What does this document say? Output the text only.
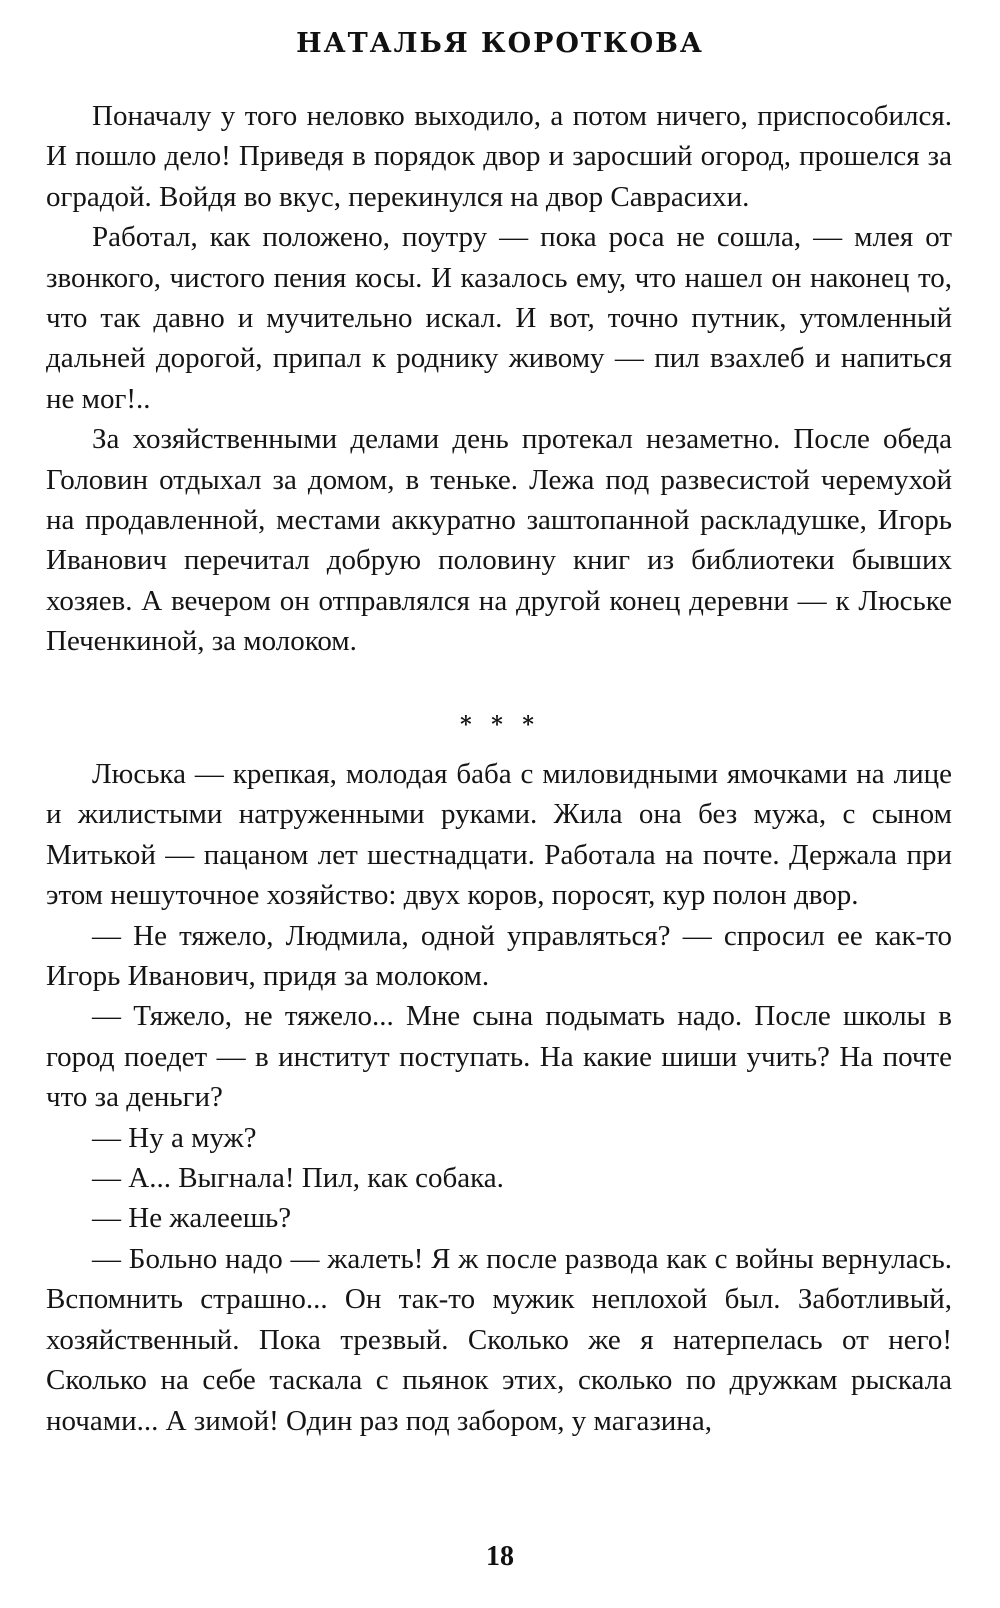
НАТАЛЬЯ КОРОТКОВА

Поначалу у того неловко выходило, а потом ничего, приспособился. И пошло дело! Приведя в порядок двор и заросший огород, прошелся за оградой. Войдя во вкус, перекинулся на двор Саврасихи.

Работал, как положено, поутру — пока роса не сошла, — млея от звонкого, чистого пения косы. И казалось ему, что нашел он наконец то, что так давно и мучительно искал. И вот, точно путник, утомленный дальней дорогой, припал к роднику живому — пил взахлеб и напиться не мог!..

За хозяйственными делами день протекал незаметно. После обеда Головин отдыхал за домом, в теньке. Лежа под развесистой черемухой на продавленной, местами аккуратно заштопанной раскладушке, Игорь Иванович перечитал добрую половину книг из библиотеки бывших хозяев. А вечером он отправлялся на другой конец деревни — к Люське Печенкиной, за молоком.

* * *

Люська — крепкая, молодая баба с миловидными ямочками на лице и жилистыми натруженными руками. Жила она без мужа, с сыном Митькой — пацаном лет шестнадцати. Работала на почте. Держала при этом нешуточное хозяйство: двух коров, поросят, кур полон двор.

— Не тяжело, Людмила, одной управляться? — спросил ее как-то Игорь Иванович, придя за молоком.

— Тяжело, не тяжело... Мне сына подымать надо. После школы в город поедет — в институт поступать. На какие шиши учить? На почте что за деньги?

— Ну а муж?

— А... Выгнала! Пил, как собака.

— Не жалеешь?

— Больно надо — жалеть! Я ж после развода как с войны вернулась. Вспомнить страшно... Он так-то мужик неплохой был. Заботливый, хозяйственный. Пока трезвый. Сколько же я натерпелась от него! Сколько на себе таскала с пьянок этих, сколько по дружкам рыскала ночами... А зимой! Один раз под забором, у магазина,

18
